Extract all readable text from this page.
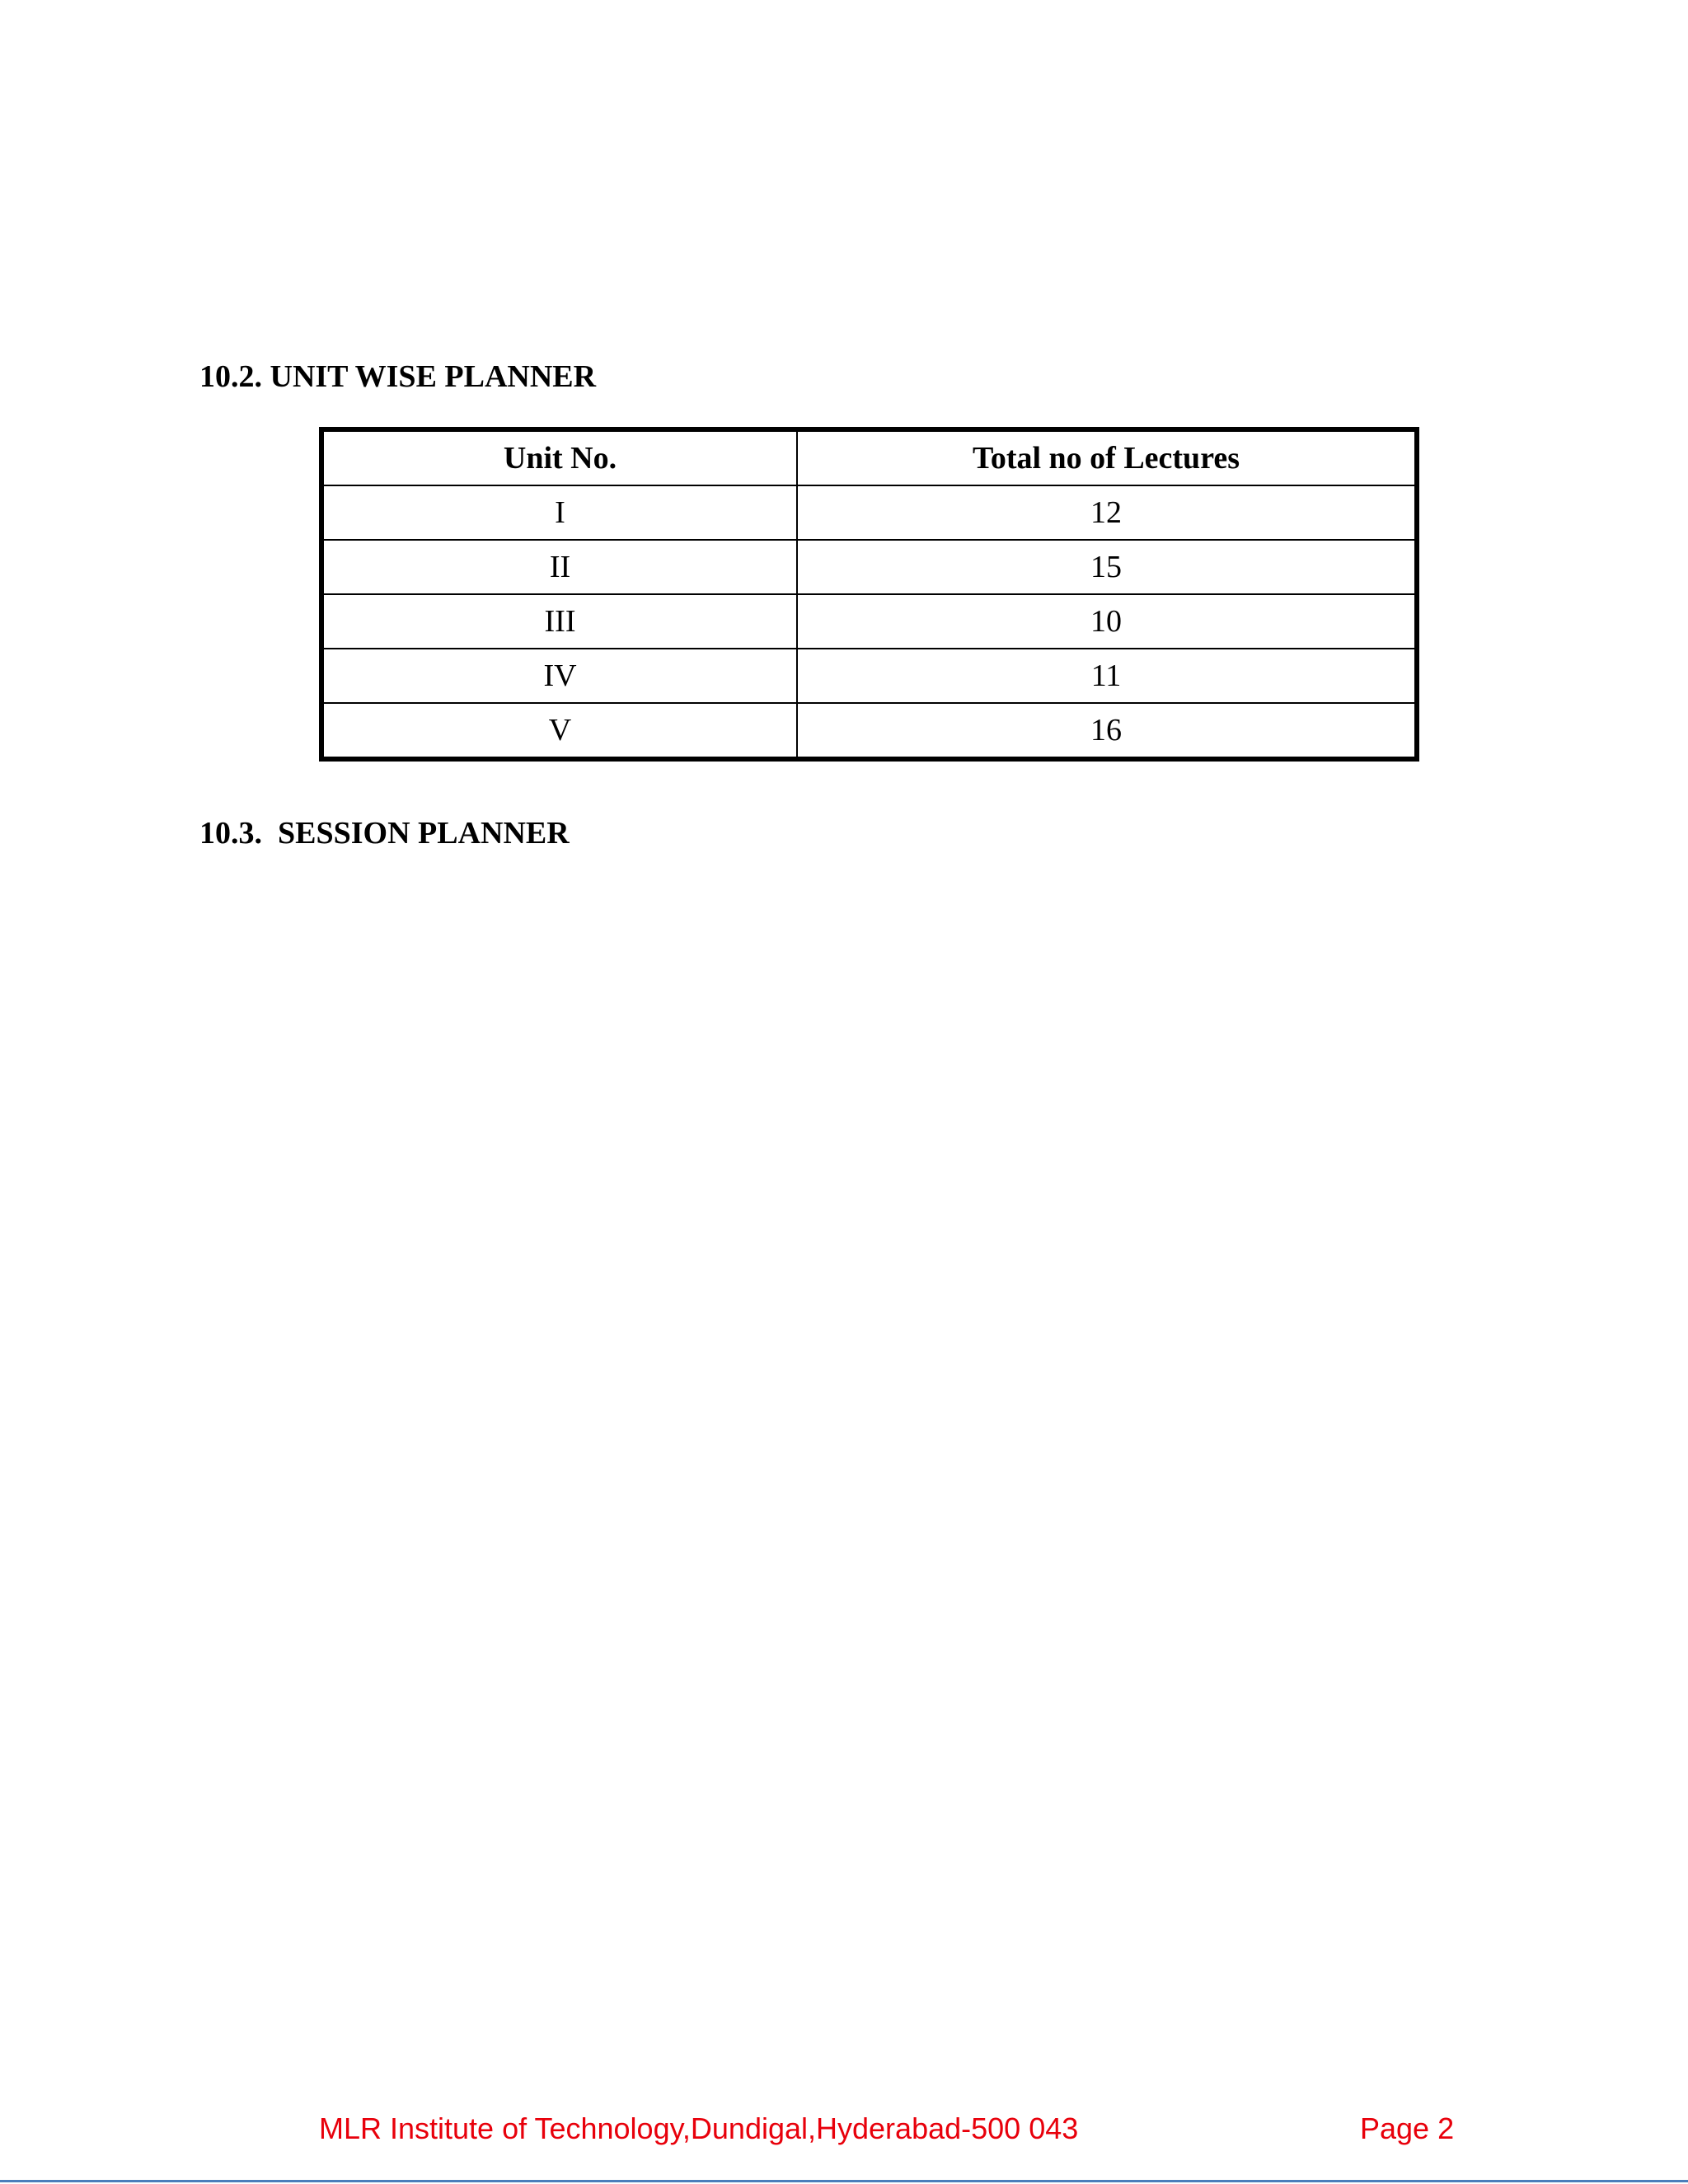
10.2. UNIT WISE PLANNER
Unit No.	Total no of Lectures
I	12
II	15
III	10
IV	11
V	16
10.3.  SESSION PLANNER
MLR Institute of Technology,Dundigal,Hyderabad-500 043	Page 2
